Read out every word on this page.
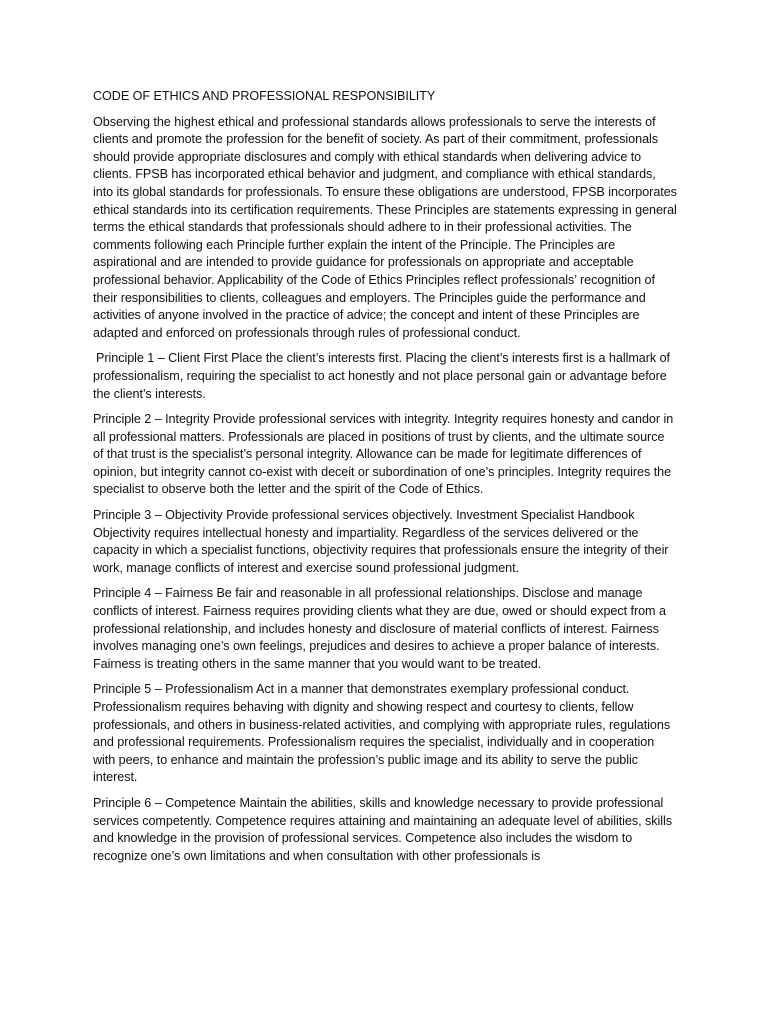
CODE OF ETHICS AND PROFESSIONAL RESPONSIBILITY

Observing the highest ethical and professional standards allows professionals to serve the interests of clients and promote the profession for the benefit of society. As part of their commitment, professionals should provide appropriate disclosures and comply with ethical standards when delivering advice to clients. FPSB has incorporated ethical behavior and judgment, and compliance with ethical standards, into its global standards for professionals. To ensure these obligations are understood, FPSB incorporates ethical standards into its certification requirements. These Principles are statements expressing in general terms the ethical standards that professionals should adhere to in their professional activities. The comments following each Principle further explain the intent of the Principle. The Principles are aspirational and are intended to provide guidance for professionals on appropriate and acceptable professional behavior. Applicability of the Code of Ethics Principles reflect professionals’ recognition of their responsibilities to clients, colleagues and employers. The Principles guide the performance and activities of anyone involved in the practice of advice; the concept and intent of these Principles are adapted and enforced on professionals through rules of professional conduct.

Principle 1 – Client First Place the client’s interests first. Placing the client’s interests first is a hallmark of professionalism, requiring the specialist to act honestly and not place personal gain or advantage before the client’s interests.

Principle 2 – Integrity Provide professional services with integrity. Integrity requires honesty and candor in all professional matters. Professionals are placed in positions of trust by clients, and the ultimate source of that trust is the specialist’s personal integrity. Allowance can be made for legitimate differences of opinion, but integrity cannot co-exist with deceit or subordination of one’s principles. Integrity requires the specialist to observe both the letter and the spirit of the Code of Ethics.

Principle 3 – Objectivity Provide professional services objectively. Investment Specialist Handbook Objectivity requires intellectual honesty and impartiality. Regardless of the services delivered or the capacity in which a specialist functions, objectivity requires that professionals ensure the integrity of their work, manage conflicts of interest and exercise sound professional judgment.

Principle 4 – Fairness Be fair and reasonable in all professional relationships. Disclose and manage conflicts of interest. Fairness requires providing clients what they are due, owed or should expect from a professional relationship, and includes honesty and disclosure of material conflicts of interest. Fairness involves managing one’s own feelings, prejudices and desires to achieve a proper balance of interests. Fairness is treating others in the same manner that you would want to be treated.

Principle 5 – Professionalism Act in a manner that demonstrates exemplary professional conduct. Professionalism requires behaving with dignity and showing respect and courtesy to clients, fellow professionals, and others in business-related activities, and complying with appropriate rules, regulations and professional requirements. Professionalism requires the specialist, individually and in cooperation with peers, to enhance and maintain the profession’s public image and its ability to serve the public interest.

Principle 6 – Competence Maintain the abilities, skills and knowledge necessary to provide professional services competently. Competence requires attaining and maintaining an adequate level of abilities, skills and knowledge in the provision of professional services. Competence also includes the wisdom to recognize one’s own limitations and when consultation with other professionals is
